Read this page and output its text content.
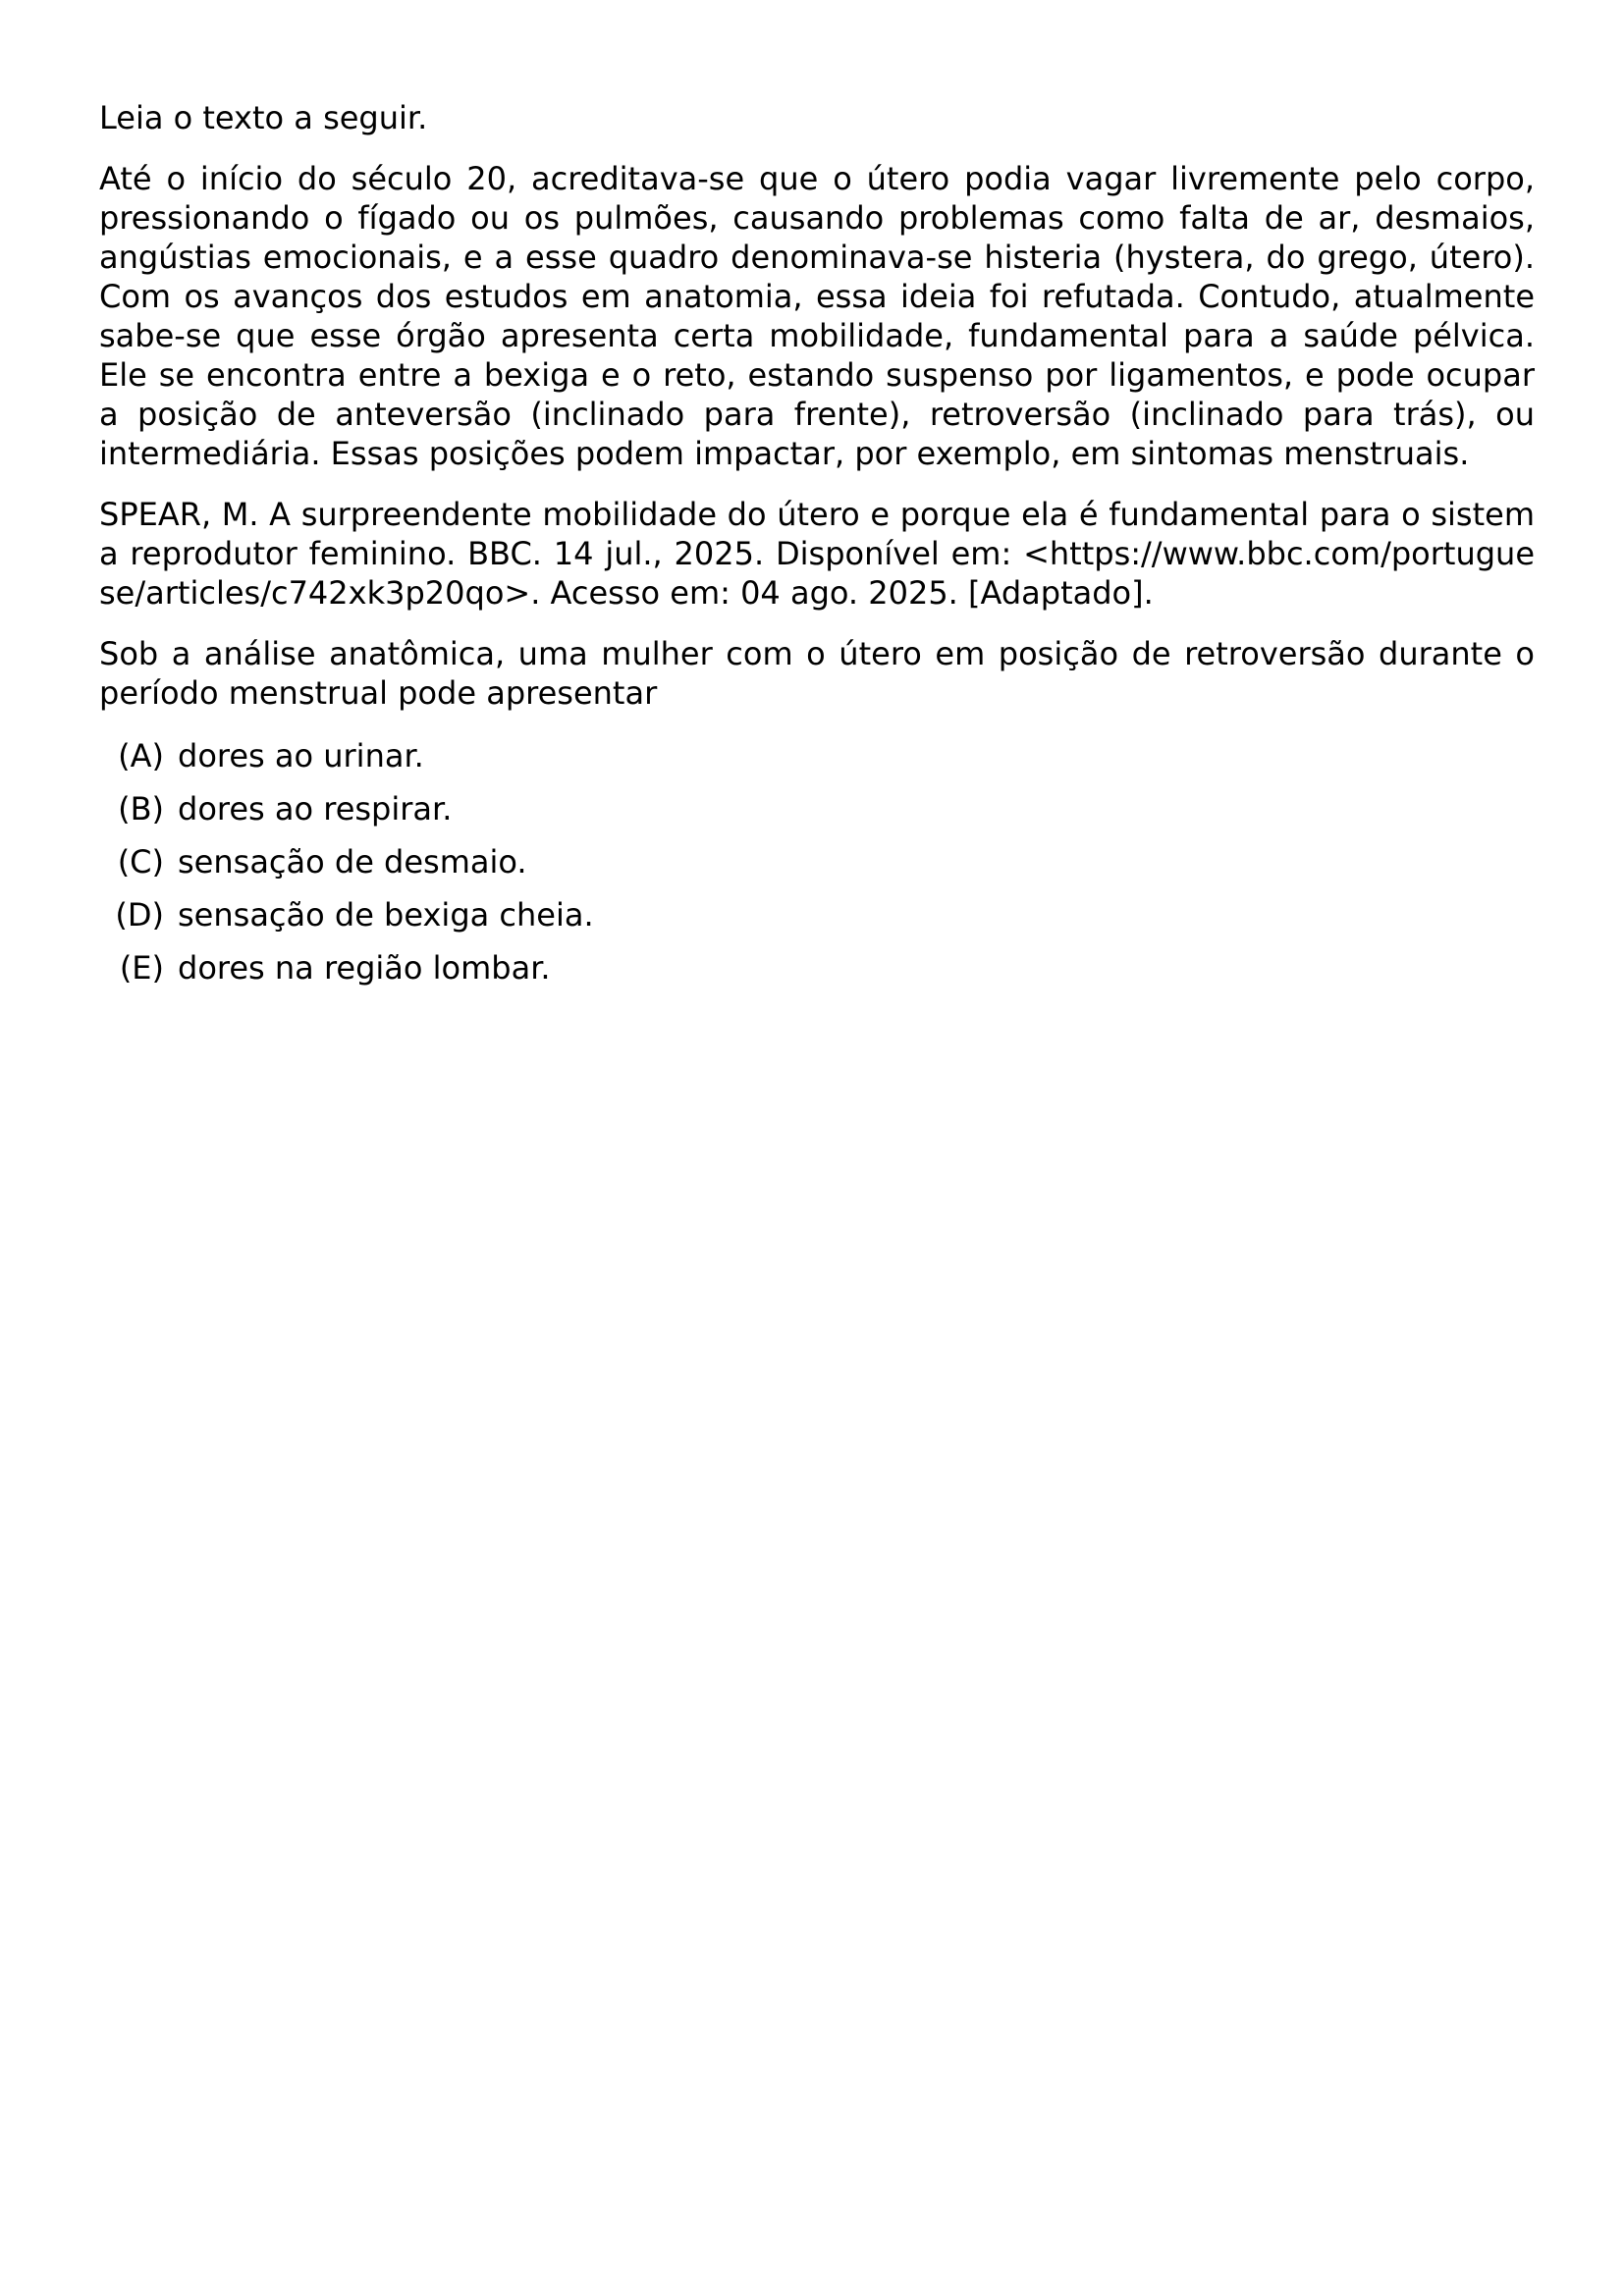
Leia o texto a seguir.

Até o início do século 20, acreditava-se que o útero podia vagar livremente pelo corpo, pressionando o fígado ou os pulmões, causando problemas como falta de ar, desmaios, angústias emocionais, e a esse quadro denominava-se histeria (hystera, do grego, útero). Com os avanços dos estudos em anatomia, essa ideia foi refutada. Contudo, atualmente sabe-se que esse órgão apresenta certa mobilidade, fundamental para a saúde pélvica. Ele se encontra entre a bexiga e o reto, estando suspenso por ligamentos, e pode ocupar a posição de anteversão (inclinado para frente), retroversão (inclinado para trás), ou intermediária. Essas posições podem impactar, por exemplo, em sintomas menstruais.

SPEAR, M. A surpreendente mobilidade do útero e porque ela é fundamental para o sistema reprodutor feminino. BBC. 14 jul., 2025. Disponível em: <https://www.bbc.com/portuguese/articles/c742xk3p20qo>. Acesso em: 04 ago. 2025. [Adaptado].

Sob a análise anatômica, uma mulher com o útero em posição de retroversão durante o período menstrual pode apresentar

(A) dores ao urinar.
(B) dores ao respirar.
(C) sensação de desmaio.
(D) sensação de bexiga cheia.
(E) dores na região lombar.
